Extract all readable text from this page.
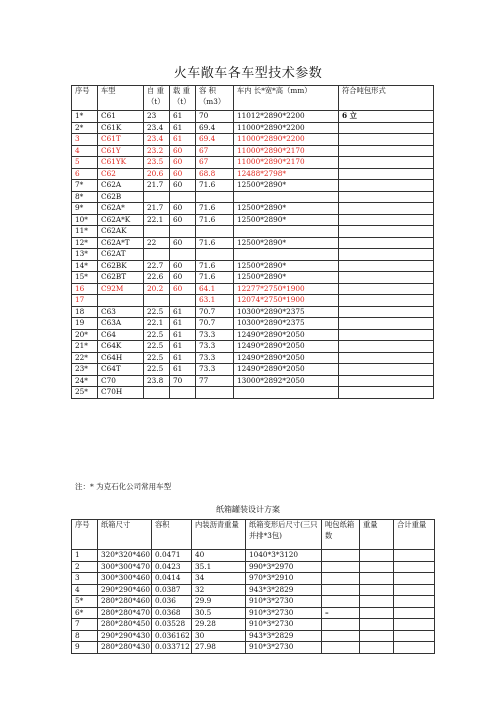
火车敞车各车型技术参数
序号	车型	自 重 （t）	载 重 （t）	容 积 （m3）	车内 长*宽*高（mm）	符合吨包形式
1*	C61	23	61	70	11012*2890*2200	6 立
2*	C61K	23.4	61	69.4	11000*2890*2200	
3	C61T	23.4	61	69.4	11000*2890*2200	
4	C61Y	23.2	60	67	11000*2890*2170	
5	C61YK	23.5	60	67	11000*2890*2170	
6	C62	20.6	60	68.8	12488*2798*	
7*	C62A	21.7	60	71.6	12500*2890*	
8*	C62B					
9*	C62A*	21.7	60	71.6	12500*2890*	
10*	C62A*K	22.1	60	71.6	12500*2890*	
11*	C62AK					
12*	C62A*T	22	60	71.6	12500*2890*	
13*	C62AT					
14*	C62BK	22.7	60	71.6	12500*2890*	
15*	C62BT	22.6	60	71.6	12500*2890*	
16	C92M	20.2	60	64.1	12277*2750*1900	
17				63.1	12074*2750*1900	
18	C63	22.5	61	70.7	10300*2890*2375	
19	C63A	22.1	61	70.7	10300*2890*2375	
20*	C64	22.5	61	73.3	12490*2890*2050	
21*	C64K	22.5	61	73.3	12490*2890*2050	
22*	C64H	22.5	61	73.3	12490*2890*2050	
23*	C64T	22.5	61	73.3	12490*2890*2050	
24*	C70	23.8	70	77	13000*2892*2050	
25*	C70H					
注：* 为克石化公司常用车型
纸箱罐装设计方案
序号	纸箱尺寸	容积	内装沥青重量	纸箱变形后尺寸(三只并排*3包)	吨包纸箱数	重量	合计重量
1	320*320*460	0.0471	40	1040*3*3120			
2	300*300*470	0.0423	35.1	990*3*2970			
3	300*300*460	0.0414	34	970*3*2910			
4	290*290*460	0.0387	32	943*3*2829			
5*	280*280*460	0.036	29.9	910*3*2730			
6*	280*280*470	0.0368	30.5	910*3*2730	–		
7	280*280*450	0.03528	29.28	910*3*2730			
8	290*290*430	0.036162	30	943*3*2829			
9	280*280*430	0.033712	27.98	910*3*2730			
